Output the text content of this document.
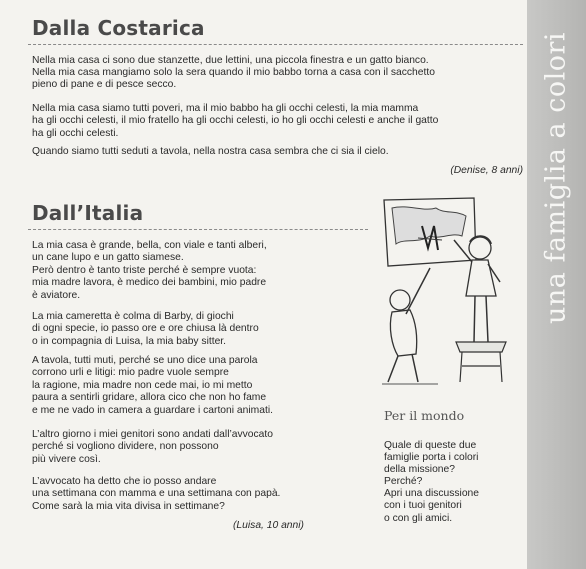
Dalla Costarica

Nella mia casa ci sono due stanzette, due lettini, una piccola finestra e un gatto bianco.

Nella mia casa mangiamo solo la sera quando il mio babbo torna a casa con il sacchetto
pieno di pane e di pesce secco.

Nella mia casa siamo tutti poveri, ma il mio babbo ha gli occhi celesti, la mia mamma
ha gli occhi celesti, il mio fratello ha gli occhi celesti, io ho gli occhi celesti e anche il gatto
ha gli occhi celesti.

Quando siamo tutti seduti a tavola, nella nostra casa sembra che ci sia il cielo.

(Denise, 8 anni)
Dall’Italia

La mia casa è grande, bella, con viale e tanti alberi,
un cane lupo e un gatto siamese.

Però dentro è tanto triste perché è sempre vuota:
mia madre lavora, è medico dei bambini, mio padre
è aviatore.

La mia cameretta è colma di Barby, di giochi
di ogni specie, io passo ore e ore chiusa là dentro
o in compagnia di Luisa, la mia baby sitter.

A tavola, tutti muti, perché se uno dice una parola
corrono urli e litigi: mio padre vuole sempre
la ragione, mia madre non cede mai, io mi metto
paura a sentirli gridare, allora cico che non ho fame
e me ne vado in camera a guardare i cartoni animati.

L’altro giorno i miei genitori sono andati dall’avvocato
perché si vogliono dividere, non possono
più vivere così.

L’avvocato ha detto che io posso andare
una settimana con mamma e una settimana con papà.
Come sarà la mia vita divisa in settimane?

(Luisa, 10 anni)
Per il mondo

Quale di queste due
famiglie porta i colori
della missione?
Perché?
Apri una discussione
con i tuoi genitori
o con gli amici.

una famiglia a colori
